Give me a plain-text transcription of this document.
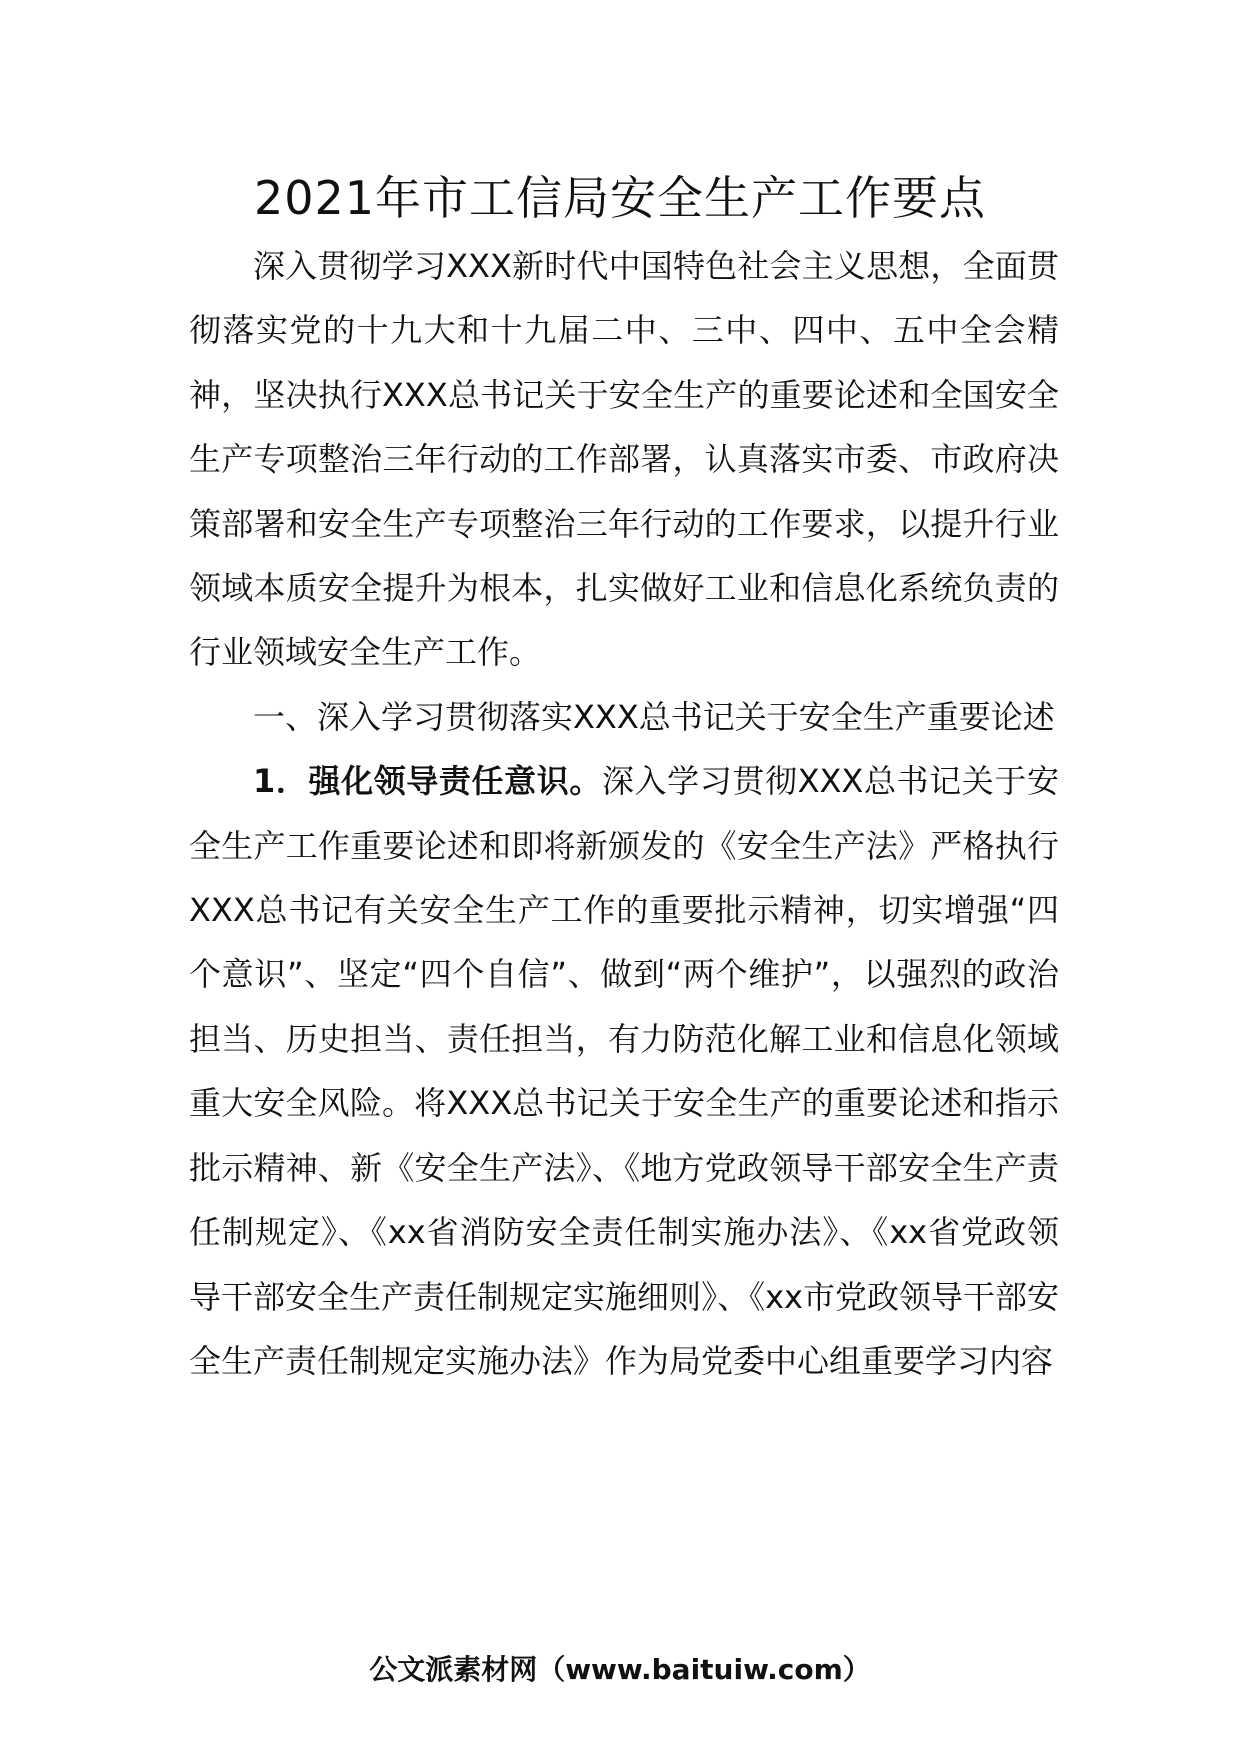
2021年市工信局安全生产工作要点

深入贯彻学习XXX新时代中国特色社会主义思想，全面贯彻落实党的十九大和十九届二中、三中、四中、五中全会精神，坚决执行XXX总书记关于安全生产的重要论述和全国安全生产专项整治三年行动的工作部署，认真落实市委、市政府决策部署和安全生产专项整治三年行动的工作要求，以提升行业领域本质安全提升为根本，扎实做好工业和信息化系统负责的行业领域安全生产工作。

一、深入学习贯彻落实XXX总书记关于安全生产重要论述

1．强化领导责任意识。深入学习贯彻XXX总书记关于安全生产工作重要论述和即将新颁发的《安全生产法》严格执行XXX总书记有关安全生产工作的重要批示精神，切实增强“四个意识”、坚定“四个自信”、做到“两个维护”，以强烈的政治担当、历史担当、责任担当，有力防范化解工业和信息化领域重大安全风险。将XXX总书记关于安全生产的重要论述和指示批示精神、新《安全生产法》、《地方党政领导干部安全生产责任制规定》、《xx省消防安全责任制实施办法》、《xx省党政领导干部安全生产责任制规定实施细则》、《xx市党政领导干部安全生产责任制规定实施办法》作为局党委中心组重要学习内容

公文派素材网（www.baituiw.com）
